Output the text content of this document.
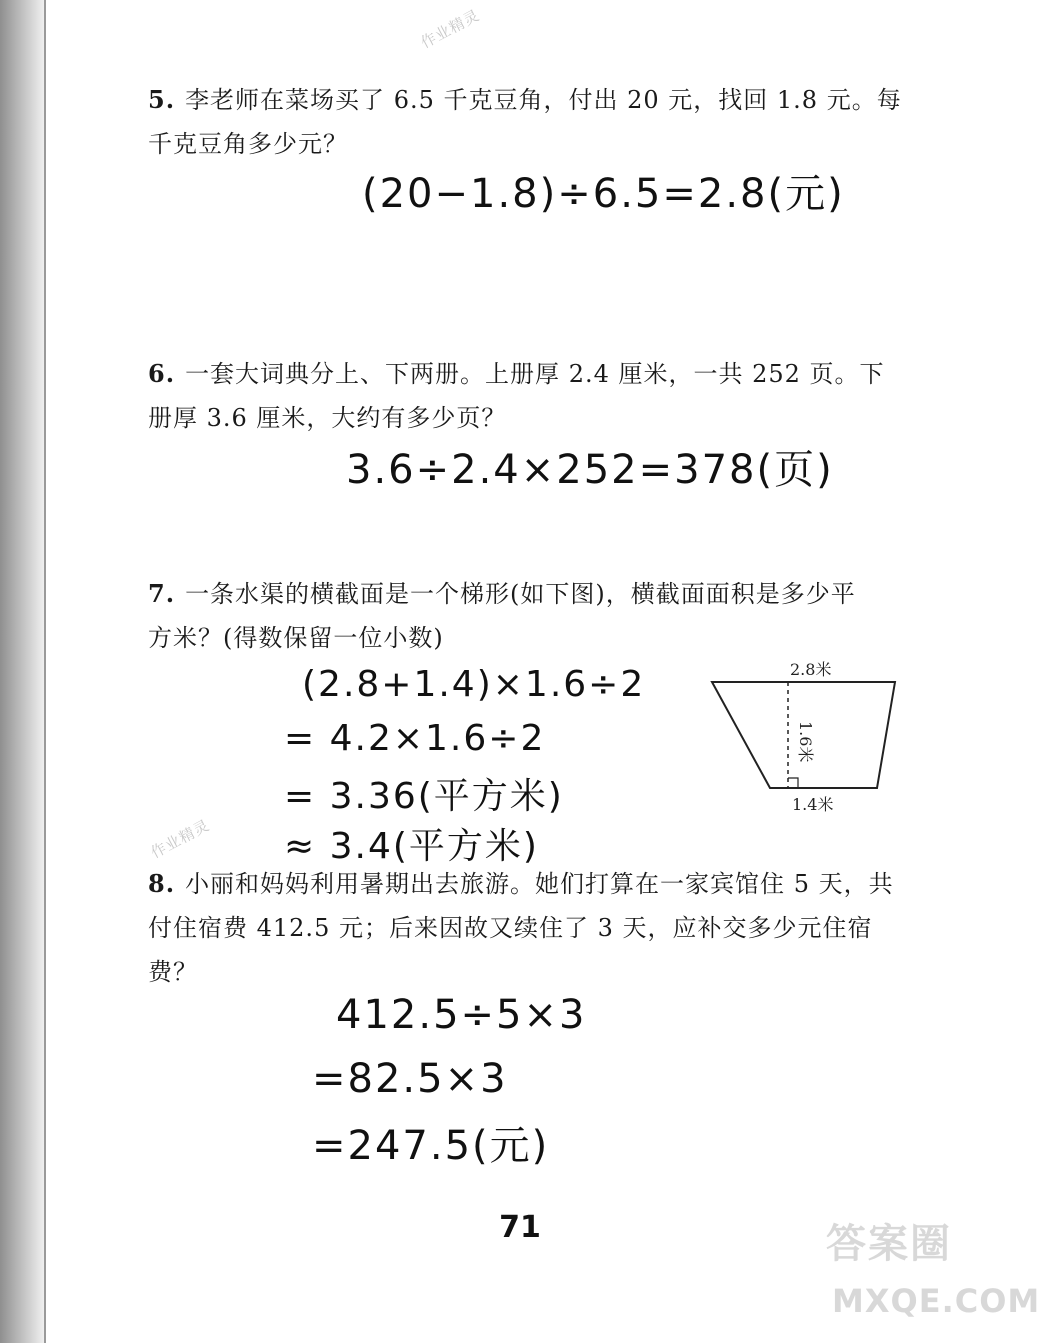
作业精灵
作业精灵
5. 李老师在菜场买了 6.5 千克豆角，付出 20 元，找回 1.8 元。每千克豆角多少元？
(20−1.8)÷6.5=2.8(元)
6. 一套大词典分上、下两册。上册厚 2.4 厘米，一共 252 页。下册厚 3.6 厘米，大约有多少页？
3.6÷2.4×252=378(页)
7. 一条水渠的横截面是一个梯形(如下图)，横截面面积是多少平方米？(得数保留一位小数)
(2.8+1.4)×1.6÷2
= 4.2×1.6÷2
= 3.36(平方米)
≈ 3.4(平方米)
2.8米
1.6米
1.4米
8. 小丽和妈妈利用暑期出去旅游。她们打算在一家宾馆住 5 天，共付住宿费 412.5 元；后来因故又续住了 3 天，应补交多少元住宿费？
412.5÷5×3
=82.5×3
=247.5(元)
71	答案圈
MXQE.COM
